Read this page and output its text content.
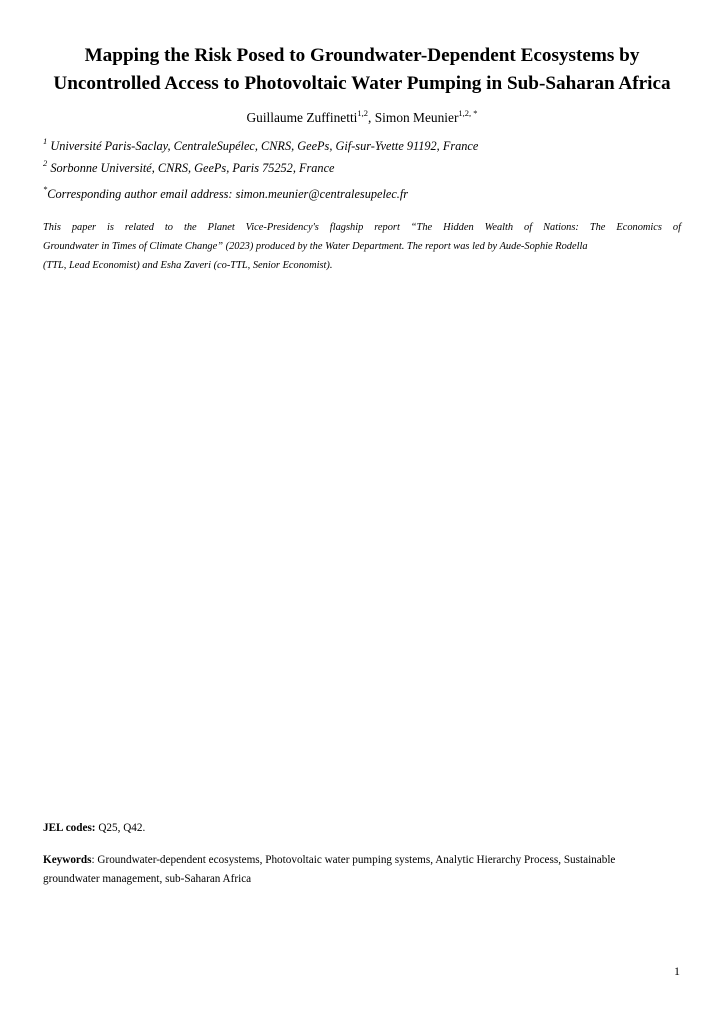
Mapping the Risk Posed to Groundwater-Dependent Ecosystems by
Uncontrolled Access to Photovoltaic Water Pumping in Sub-Saharan Africa
Guillaume Zuffinetti$^{1,2}$, Simon Meunier$^{1,2, *}$
$^1$ Université Paris-Saclay, CentraleSupélec, CNRS, GeePs, Gif-sur-Yvette 91192, France
$^2$ Sorbonne Université, CNRS, GeePs, Paris 75252, France
*Corresponding author email address: simon.meunier@centralesupelec.fr
This paper is related to the Planet Vice-Presidency's flagship report “The Hidden Wealth of Nations: The Economics of
Groundwater in Times of Climate Change” (2023) produced by the Water Department. The report was led by Aude-Sophie Rodella
(TTL, Lead Economist) and Esha Zaveri (co-TTL, Senior Economist).
JEL codes: Q25, Q42.
Keywords: Groundwater-dependent ecosystems, Photovoltaic water pumping systems, Analytic Hierarchy Process, Sustainable
groundwater management, sub-Saharan Africa
1
